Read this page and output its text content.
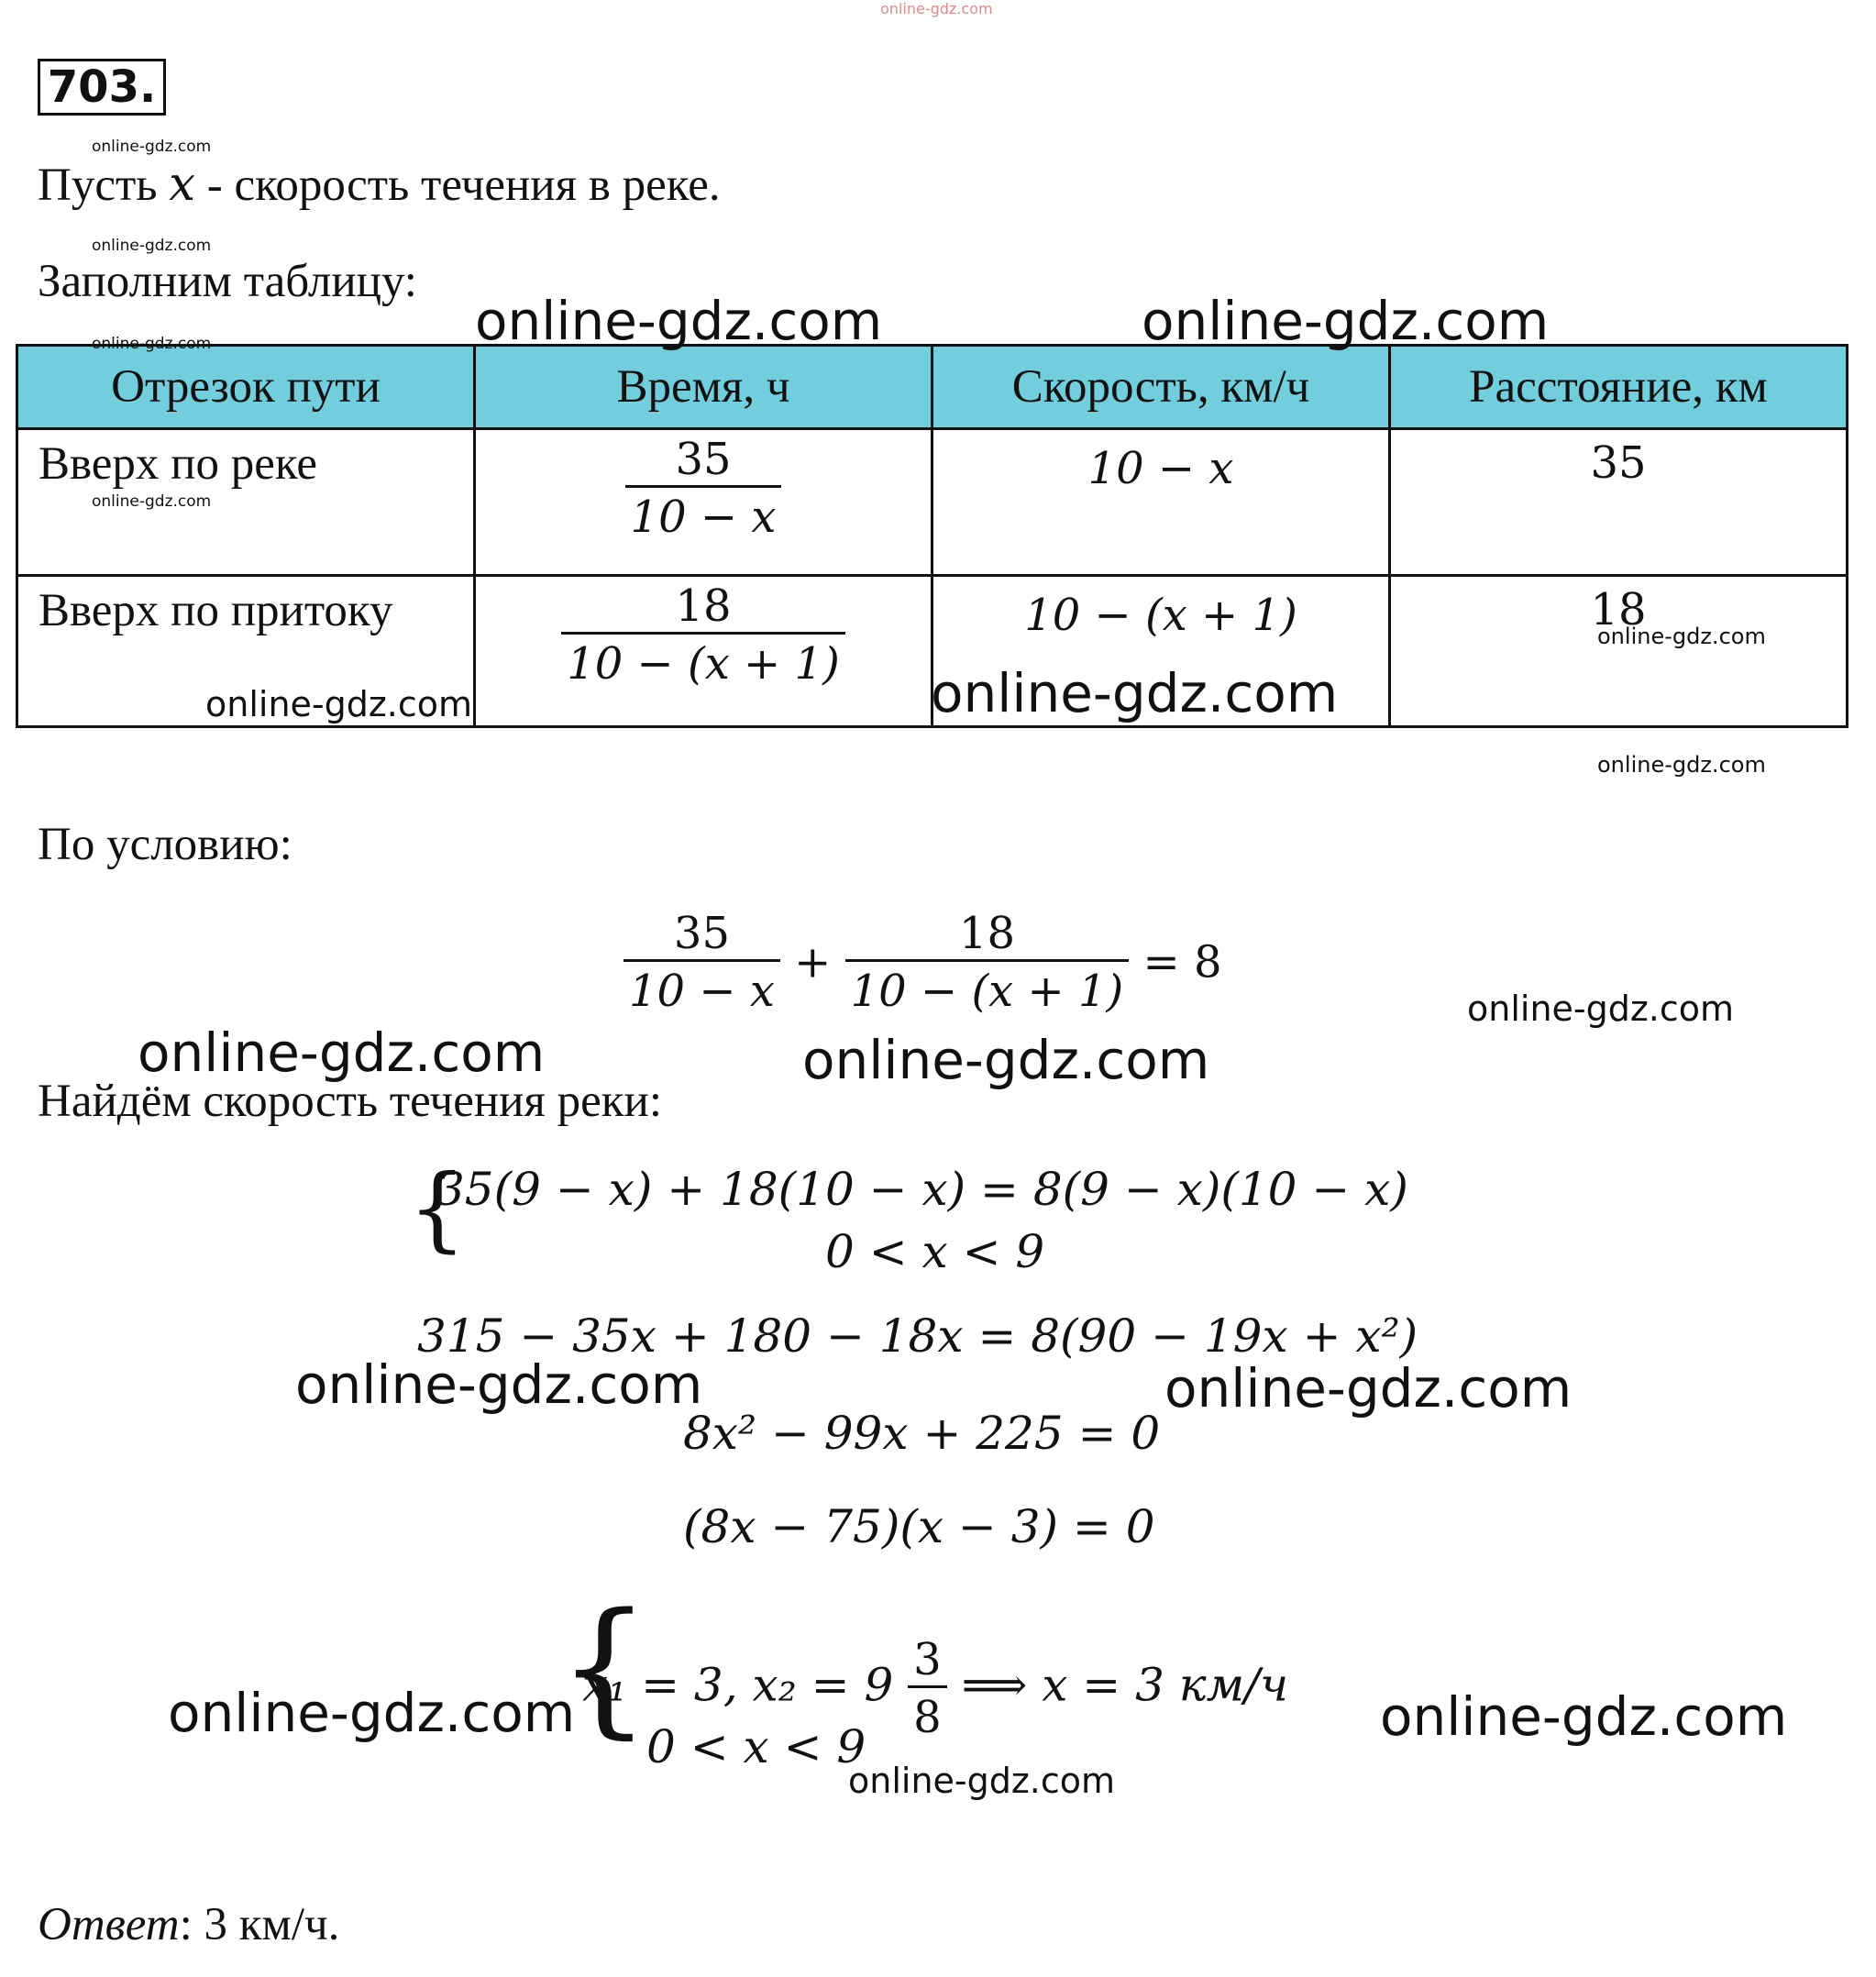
online-gdz.com
703.
online-gdz.com
Пусть x - скорость течения в реке.
online-gdz.com
Заполним таблицу:
Отрезок пути	Время, ч	Скорость, км/ч	Расстояние, км
Вверх по реке	$\frac{35}{10 - x}$	10 − x	35
Вверх по притоку	$\frac{18}{10 - (x + 1)}$	10 − (x + 1)	18
online-gdz.com	online-gdz.com
online-gdz.com
online-gdz.com
online-gdz.com
online-gdz.com	online-gdz.com
online-gdz.com
По условию:
$\frac{35}{10 - x} + \frac{18}{10 - (x + 1)} = 8$
online-gdz.com
online-gdz.com	online-gdz.com
Найдём скорость течения реки:
{
35(9 − x) + 18(10 − x) = 8(9 − x)(10 − x)
0 < x < 9
315 − 35x + 180 − 18x = 8(90 − 19x + x²)
online-gdz.com	online-gdz.com
8x² − 99x + 225 = 0
(8x − 75)(x − 3) = 0
online-gdz.com
{
x₁ = 3, $x_2 = 9 \frac{3}{8}$ ⟹ x = 3 км/ч
0 < x < 9	online-gdz.com
online-gdz.com
Ответ: 3 км/ч.
